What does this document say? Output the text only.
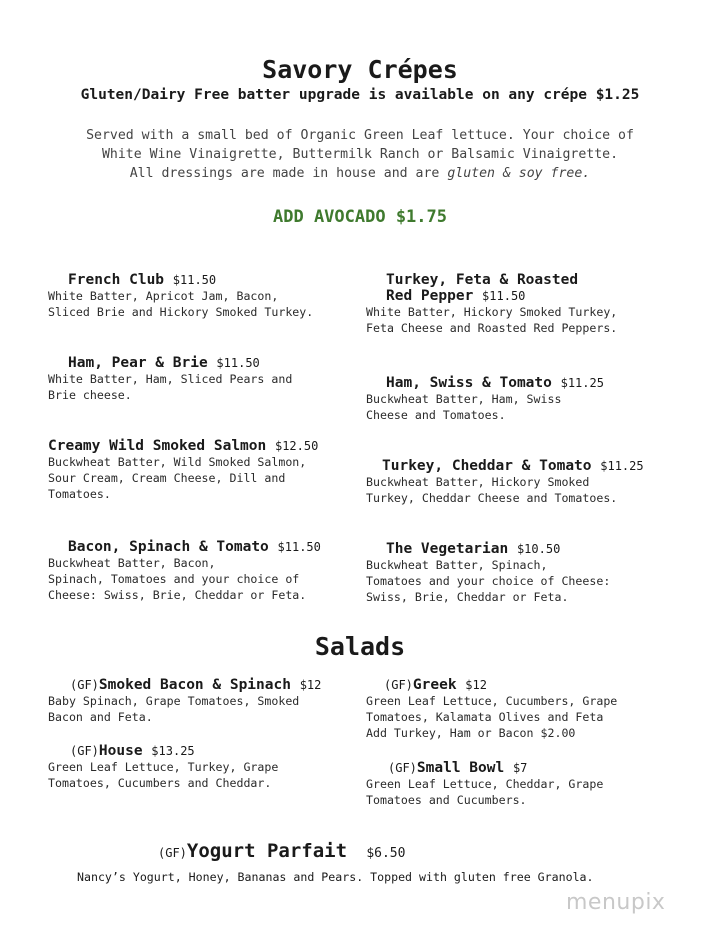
Savory Crépes
Gluten/Dairy Free batter upgrade is available on any crépe $1.25
Served with a small bed of Organic Green Leaf lettuce. Your choice of
White Wine Vinaigrette, Buttermilk Ranch or Balsamic Vinaigrette.
All dressings are made in house and are gluten & soy free.
ADD AVOCADO $1.75
French Club $11.50
White Batter, Apricot Jam, Bacon,
Sliced Brie and Hickory Smoked Turkey.
Ham, Pear & Brie $11.50
White Batter, Ham, Sliced Pears and
Brie cheese.
Creamy Wild Smoked Salmon $12.50
Buckwheat Batter, Wild Smoked Salmon,
Sour Cream, Cream Cheese, Dill and
Tomatoes.
Bacon, Spinach & Tomato $11.50
Buckwheat Batter, Bacon,
Spinach, Tomatoes and your choice of
Cheese: Swiss, Brie, Cheddar or Feta.
Turkey, Feta & Roasted
Red Pepper $11.50
White Batter, Hickory Smoked Turkey,
Feta Cheese and Roasted Red Peppers.
Ham, Swiss & Tomato $11.25
Buckwheat Batter, Ham, Swiss
Cheese and Tomatoes.
Turkey, Cheddar & Tomato $11.25
Buckwheat Batter, Hickory Smoked
Turkey, Cheddar Cheese and Tomatoes.
The Vegetarian $10.50
Buckwheat Batter, Spinach,
Tomatoes and your choice of Cheese:
Swiss, Brie, Cheddar or Feta.
Salads
(GF)Smoked Bacon & Spinach $12
Baby Spinach, Grape Tomatoes, Smoked
Bacon and Feta.
(GF)House $13.25
Green Leaf Lettuce, Turkey, Grape
Tomatoes, Cucumbers and Cheddar.
(GF)Greek $12
Green Leaf Lettuce, Cucumbers, Grape
Tomatoes, Kalamata Olives and Feta
Add Turkey, Ham or Bacon $2.00
(GF)Small Bowl $7
Green Leaf Lettuce, Cheddar, Grape
Tomatoes and Cucumbers.
(GF)Yogurt Parfait $6.50
Nancy’s Yogurt, Honey, Bananas and Pears. Topped with gluten free Granola.
menupix
